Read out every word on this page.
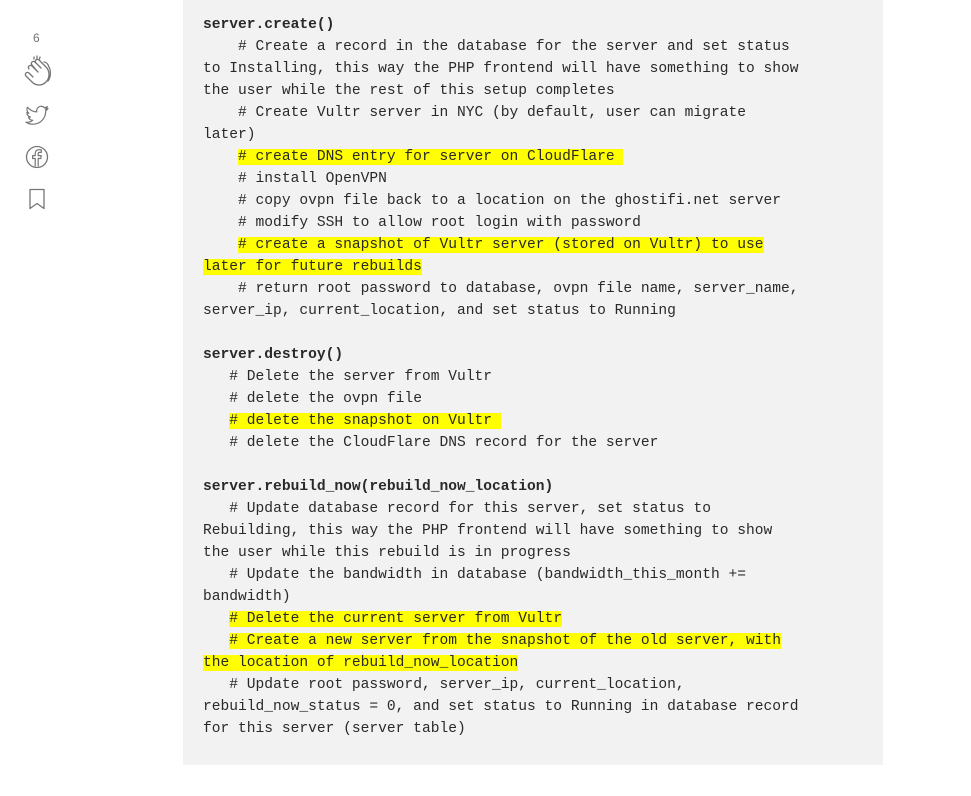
6
server.create()
# Create a record in the database for the server and set status
to Installing, this way the PHP frontend will have something to show
the user while the rest of this setup completes
# Create Vultr server in NYC (by default, user can migrate
later)
# create DNS entry for server on CloudFlare
# install OpenVPN
# copy ovpn file back to a location on the ghostifi.net server
# modify SSH to allow root login with password
# create a snapshot of Vultr server (stored on Vultr) to use
later for future rebuilds
# return root password to database, ovpn file name, server_name,
server_ip, current_location, and set status to Running
server.destroy()
# Delete the server from Vultr
# delete the ovpn file
# delete the snapshot on Vultr
# delete the CloudFlare DNS record for the server
server.rebuild_now(rebuild_now_location)
# Update database record for this server, set status to
Rebuilding, this way the PHP frontend will have something to show
the user while this rebuild is in progress
# Update the bandwidth in database (bandwidth_this_month +=
bandwidth)
# Delete the current server from Vultr
# Create a new server from the snapshot of the old server, with
the location of rebuild_now_location
# Update root password, server_ip, current_location,
rebuild_now_status = 0, and set status to Running in database record
for this server (server table)
